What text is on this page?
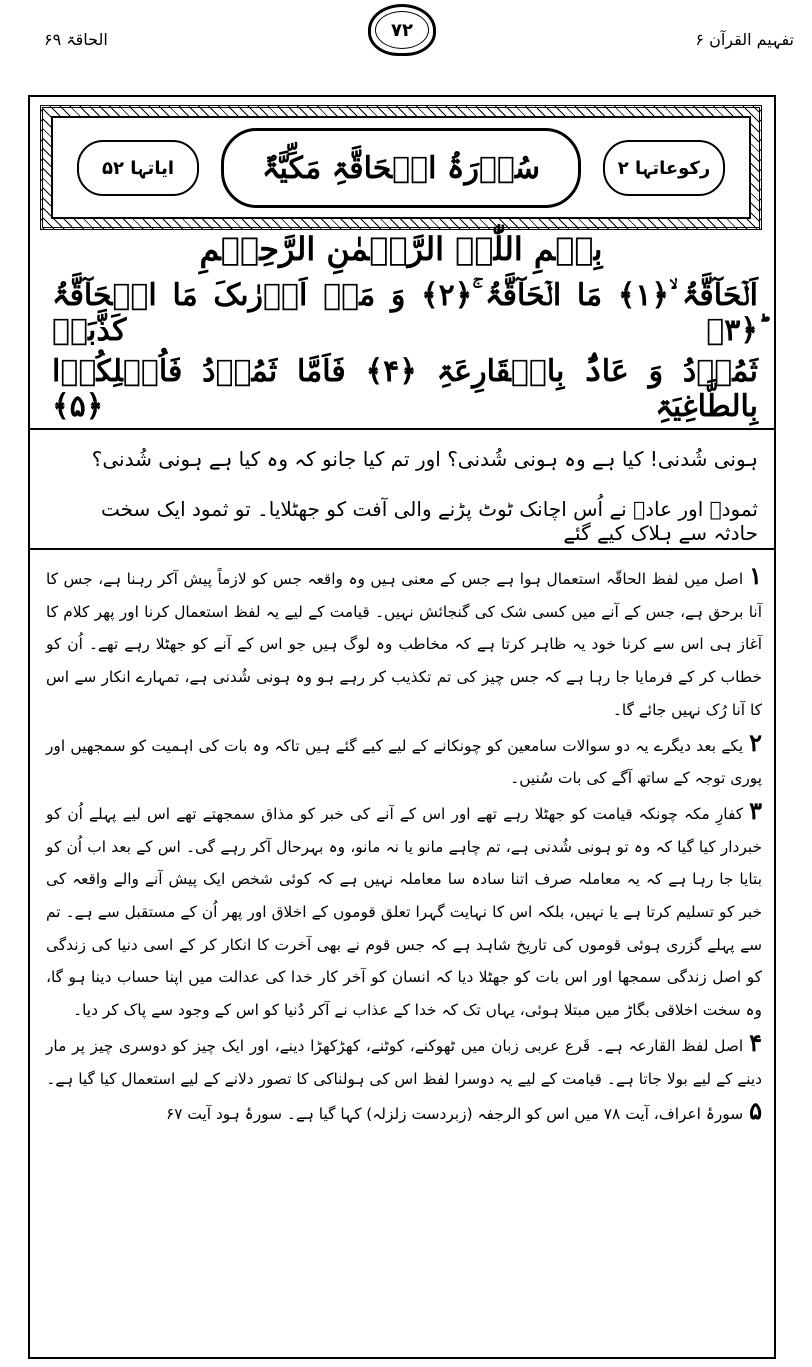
الحاقۃ ۶۹	۷۲	تفہیم القرآن ۶
ایاتہا ۵۲	سُوۡرَۃُ الۡحَاقَّۃِ مَکِّیَّۃٌ	رکوعاتہا ۲
بِسۡمِ اللّٰہِ الرَّحۡمٰنِ الرَّحِیۡمِ
اَلۡحَآقَّۃُ ۙ﴿۱﴾ مَا الۡحَآقَّۃُ ۚ﴿۲﴾ وَ مَاۤ اَدۡرٰىکَ مَا الۡحَآقَّۃُ ؕ﴿۳﴾ کَذَّبَتۡ
ثَمُوۡدُ وَ عَادٌۢ بِالۡقَارِعَۃِ ﴿۴﴾ فَاَمَّا ثَمُوۡدُ فَاُہۡلِکُوۡا بِالطَّاغِیَۃِ ﴿۵﴾
ہونی شُدنی! کیا ہے وہ ہونی شُدنی؟ اور تم کیا جانو کہ وہ کیا ہے ہونی شُدنی؟
ثمودؑ اور عادؑ نے اُس اچانک ٹوٹ پڑنے والی آفت کو جھٹلایا۔ تو ثمود ایک سخت حادثہ سے ہلاک کیے گئے

۱اصل میں لفظ الحاقّہ استعمال ہوا ہے جس کے معنی ہیں وہ واقعہ جس کو لازماً پیش آکر رہنا ہے، جس کا آنا برحق ہے، جس کے آنے میں کسی شک کی گنجائش نہیں۔ قیامت کے لیے یہ لفظ استعمال کرنا اور پھر کلام کا آغاز ہی اس سے کرنا خود یہ ظاہر کرتا ہے کہ مخاطب وہ لوگ ہیں جو اس کے آنے کو جھٹلا رہے تھے۔ اُن کو خطاب کر کے فرمایا جا رہا ہے کہ جس چیز کی تم تکذیب کر رہے ہو وہ ہونی شُدنی ہے، تمہارے انکار سے اس کا آنا رُک نہیں جائے گا۔

۲یکے بعد دیگرے یہ دو سوالات سامعین کو چونکانے کے لیے کیے گئے ہیں تاکہ وہ بات کی اہمیت کو سمجھیں اور پوری توجہ کے ساتھ آگے کی بات سُنیں۔

۳کفارِ مکہ چونکہ قیامت کو جھٹلا رہے تھے اور اس کے آنے کی خبر کو مذاق سمجھتے تھے اس لیے پہلے اُن کو خبردار کیا گیا کہ وہ تو ہونی شُدنی ہے، تم چاہے مانو یا نہ مانو، وہ بہرحال آکر رہے گی۔ اس کے بعد اب اُن کو بتایا جا رہا ہے کہ یہ معاملہ صرف اتنا سادہ سا معاملہ نہیں ہے کہ کوئی شخص ایک پیش آنے والے واقعہ کی خبر کو تسلیم کرتا ہے یا نہیں، بلکہ اس کا نہایت گہرا تعلق قوموں کے اخلاق اور پھر اُن کے مستقبل سے ہے۔ تم سے پہلے گزری ہوئی قوموں کی تاریخ شاہد ہے کہ جس قوم نے بھی آخرت کا انکار کر کے اسی دنیا کی زندگی کو اصل زندگی سمجھا اور اس بات کو جھٹلا دیا کہ انسان کو آخر کار خدا کی عدالت میں اپنا حساب دینا ہو گا، وہ سخت اخلاقی بگاڑ میں مبتلا ہوئی، یہاں تک کہ خدا کے عذاب نے آکر دُنیا کو اس کے وجود سے پاک کر دیا۔

۴اصل لفظ القارعہ ہے۔ قَرع عربی زبان میں ٹھوکنے، کوٹنے، کھڑکھڑا دینے، اور ایک چیز کو دوسری چیز پر مار دینے کے لیے بولا جاتا ہے۔ قیامت کے لیے یہ دوسرا لفظ اس کی ہولناکی کا تصور دلانے کے لیے استعمال کیا گیا ہے۔

۵سورۂ اعراف، آیت ۷۸ میں اس کو الرجفہ (زبردست زلزلہ) کہا گیا ہے۔ سورۂ ہود آیت ۶۷
